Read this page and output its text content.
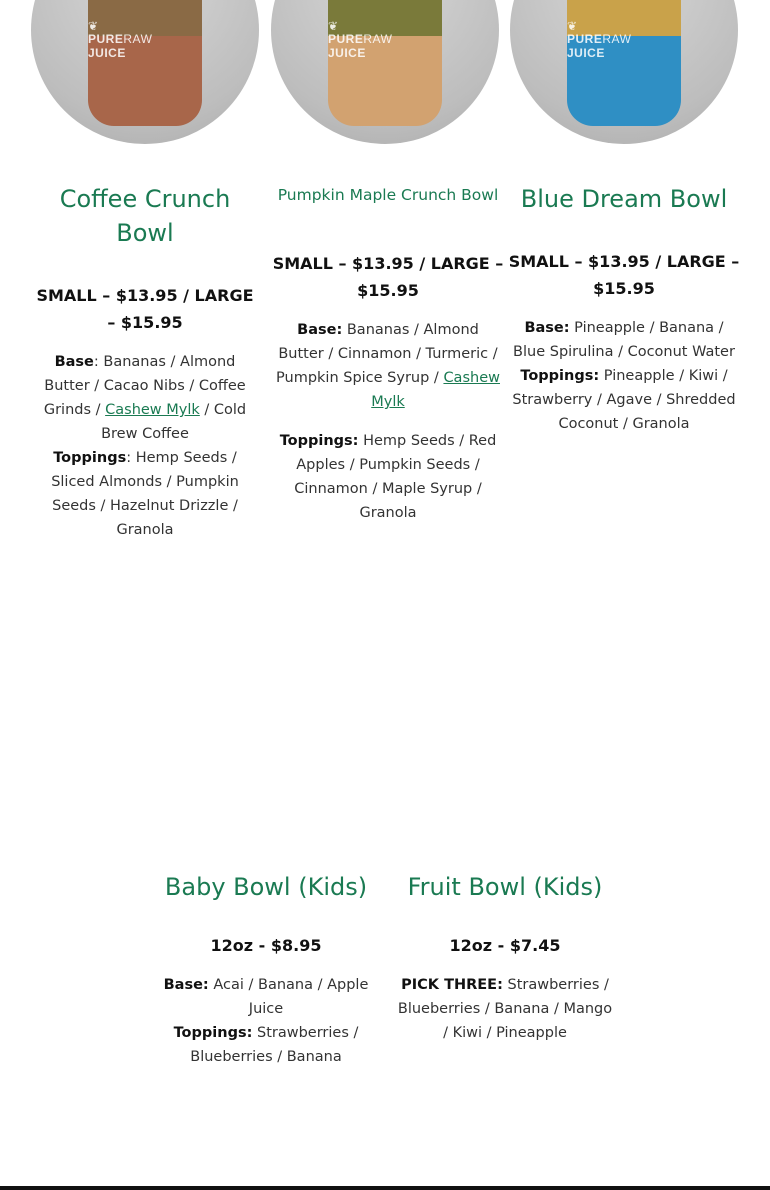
❦
PURERAW
JUICE
Coffee Crunch Bowl
SMALL – $13.95 / LARGE – $15.95
Base: Bananas / Almond Butter / Cacao Nibs / Coffee Grinds / Cashew Mylk / Cold Brew Coffee
Toppings: Hemp Seeds / Sliced Almonds / Pumpkin Seeds / Hazelnut Drizzle / Granola
❦
PURERAW
JUICE
Pumpkin Maple Crunch Bowl
SMALL – $13.95 / LARGE – $15.95
Base: Bananas / Almond Butter / Cinnamon / Turmeric / Pumpkin Spice Syrup / Cashew Mylk
Toppings: Hemp Seeds / Red Apples / Pumpkin Seeds / Cinnamon / Maple Syrup / Granola
❦
PURERAW
JUICE
Blue Dream Bowl
SMALL – $13.95 / LARGE – $15.95
Base: Pineapple / Banana / Blue Spirulina / Coconut Water
Toppings: Pineapple / Kiwi / Strawberry / Agave / Shredded Coconut / Granola
Baby Bowl (Kids)
12oz - $8.95
Base: Acai / Banana / Apple Juice
Toppings: Strawberries / Blueberries / Banana
Fruit Bowl (Kids)
12oz - $7.45
PICK THREE: Strawberries / Blueberries / Banana / Mango / Kiwi / Pineapple
